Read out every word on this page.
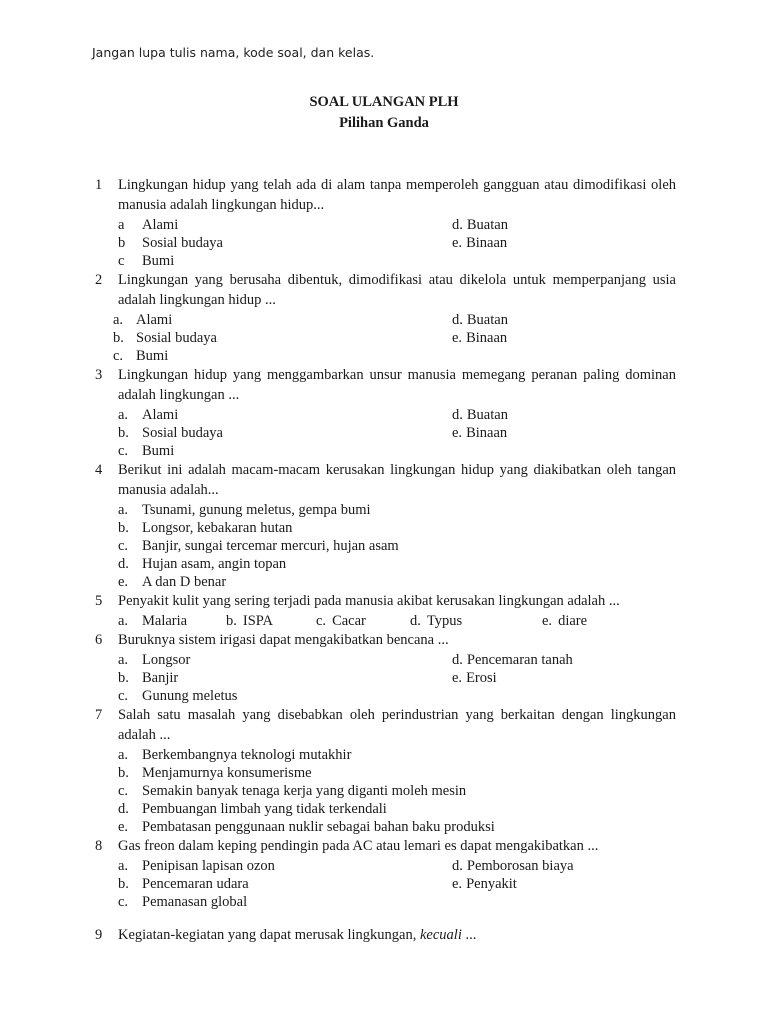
Jangan lupa tulis nama, kode soal, dan kelas.
SOAL ULANGAN PLH
Pilihan Ganda
1 Lingkungan hidup yang telah ada di alam tanpa memperoleh gangguan atau dimodifikasi oleh manusia adalah lingkungan hidup...
a Alami	d. Buatan
b Sosial budaya	e. Binaan
c Bumi
2 Lingkungan yang berusaha dibentuk, dimodifikasi atau dikelola untuk memperpanjang usia adalah lingkungan hidup ...
a. Alami	d. Buatan
b. Sosial budaya	e. Binaan
c. Bumi
3 Lingkungan hidup yang menggambarkan unsur manusia memegang peranan paling dominan adalah lingkungan ...
a. Alami	d. Buatan
b. Sosial budaya	e. Binaan
c. Bumi
4 Berikut ini adalah macam-macam kerusakan lingkungan hidup yang diakibatkan oleh tangan manusia adalah...
a. Tsunami, gunung meletus, gempa bumi
b. Longsor, kebakaran hutan
c. Banjir, sungai tercemar mercuri, hujan asam
d. Hujan asam, angin topan
e. A dan D benar
5 Penyakit kulit yang sering terjadi pada manusia akibat kerusakan lingkungan adalah ...
a. Malaria	b. ISPA	c. Cacar	d. Typus	e. diare
6 Buruknya sistem irigasi dapat mengakibatkan bencana ...
a. Longsor	d. Pencemaran tanah
b. Banjir	e. Erosi
c. Gunung meletus
7 Salah satu masalah yang disebabkan oleh perindustrian yang berkaitan dengan lingkungan adalah ...
a. Berkembangnya teknologi mutakhir
b. Menjamurnya konsumerisme
c. Semakin banyak tenaga kerja yang diganti moleh mesin
d. Pembuangan limbah yang tidak terkendali
e. Pembatasan penggunaan nuklir sebagai bahan baku produksi
8 Gas freon dalam keping pendingin pada AC atau lemari es dapat mengakibatkan ...
a. Penipisan lapisan ozon	d. Pemborosan biaya
b. Pencemaran udara	e. Penyakit
c. Pemanasan global
9 Kegiatan-kegiatan yang dapat merusak lingkungan, kecuali ...
